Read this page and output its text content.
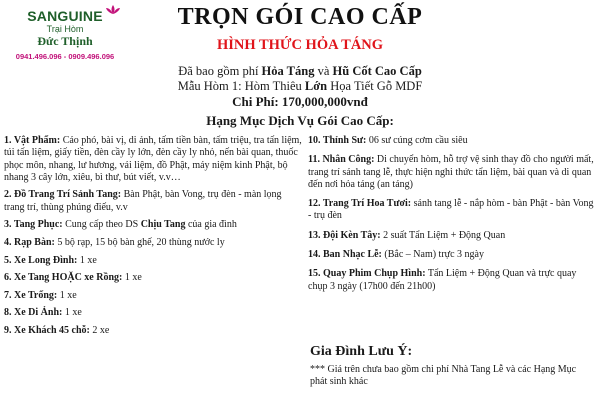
SANGUINE
Trại Hòm
Đức Thịnh
0941.496.096 - 0909.496.096
TRỌN GÓI CAO CẤP
HÌNH THỨC HỎA TÁNG
Đã bao gồm phí Hỏa Táng và Hũ Cốt Cao Cấp
Mẫu Hòm 1: Hòm Thiêu Lớn Họa Tiết Gỗ MDF
Chi Phí: 170,000,000vnđ
Hạng Mục Dịch Vụ Gói Cao Cấp:
1. Vật Phẩm: Cáo phó, bài vị, di ảnh, tấm tiền bàn, tấm triệu, tra tấn liệm, túi tấn liệm, giấy tiền, đèn cầy ly lớn, đèn cầy ly nhỏ, nến bài quan, thuốc phọc môn, nhang, lư hương, vải liệm, đồ Phật, máy niệm kinh Phật, bộ nhang 3 cây lớn, xiêu, bì thư, bút viết, v.v…
2. Đồ Trang Trí Sảnh Tang: Bàn Phật, bàn Vong, trụ đèn - màn lọng trang trí, thùng phúng điếu, v.v
3. Tang Phục: Cung cấp theo DS Chịu Tang của gia đình
4. Rạp Bàn: 5 bộ rạp, 15 bộ bàn ghế, 20 thùng nước ly
5. Xe Long Đình: 1 xe
6. Xe Tang HOẶC xe Rồng: 1 xe
7. Xe Trống: 1 xe
8. Xe Di Ảnh: 1 xe
9. Xe Khách 45 chỗ: 2 xe
10. Thỉnh Sư: 06 sư cúng cơm cầu siêu
11. Nhân Công: Di chuyển hòm, hỗ trợ vệ sinh thay đồ cho người mất, trang trí sảnh tang lễ, thực hiện nghi thức tẩn liệm, bài quan và di quan đến nơi hỏa táng (an táng)
12. Trang Trí Hoa Tươi: sảnh tang lễ - nắp hòm - bàn Phật - bàn Vong - trụ đèn
13. Đội Kèn Tây: 2 suất Tẩn Liệm + Động Quan
14. Ban Nhạc Lễ: (Bắc – Nam) trực 3 ngày
15. Quay Phim Chụp Hình: Tẩn Liệm + Động Quan và trực quay chụp 3 ngày (17h00 đến 21h00)
Gia Đình Lưu Ý:
*** Giá trên chưa bao gồm chi phí Nhà Tang Lễ và các Hạng Mục phát sinh khác
